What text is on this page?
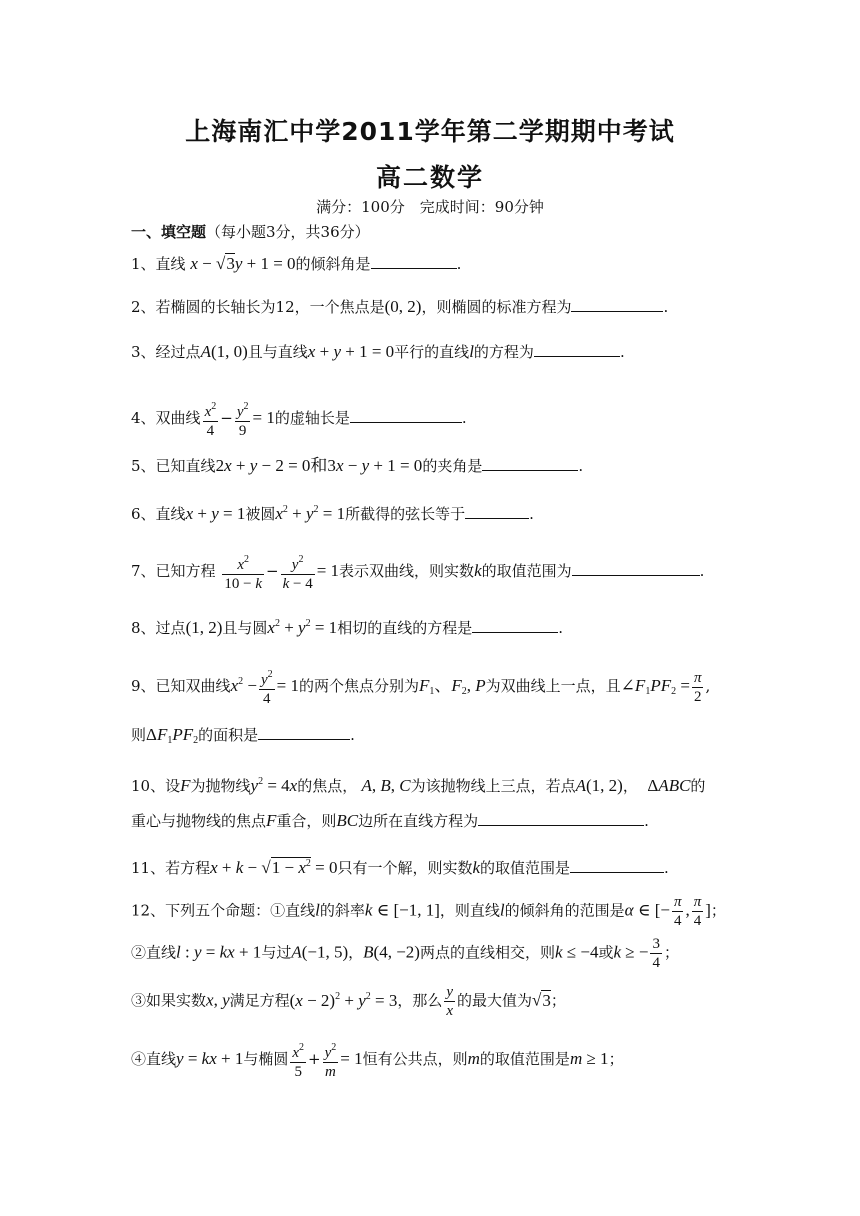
上海南汇中学2011学年第二学期期中考试
高二数学
满分：100分　完成时间：90分钟
一、填空题（每小题3分，共36分）
1、直线 x − √3y + 1 = 0的倾斜角是	.
2、若椭圆的长轴长为12，一个焦点是(0, 2)，则椭圆的标准方程为	.
3、经过点A(1, 0)且与直线x + y + 1 = 0平行的直线l的方程为	.
4、双曲线 $\frac{x^2}{4} - \frac{y^2}{9} = 1$的虚轴长是	.
5、已知直线2x + y − 2 = 0和3x − y + 1 = 0的夹角是	.
6、直线x + y = 1被圆$x^2 + y^2 = 1$所截得的弦长等于	.
7、已知方程 $\frac{x^2}{10 - k} - \frac{y^2}{k - 4} = 1$表示双曲线，则实数k的取值范围为	.
8、过点(1, 2)且与圆$x^2 + y^2 = 1$相切的直线的方程是	.
9、已知双曲线$x^2 - \frac{y^2}{4} = 1$的两个焦点分别为$F_1$、$F_2$, P为双曲线上一点，且$\angle F_1PF_2 = \frac{\pi}{2}$ ,
则$\Delta F_1PF_2$的面积是	.
10、设F为抛物线$y^2 = 4x$的焦点， A, B, C为该抛物线上三点，若点A(1, 2)，  ΔABC的
重心与抛物线的焦点F重合，则BC边所在直线方程为	.
11、若方程$x + k - √1 - x^2 = 0$只有一个解，则实数k的取值范围是	.
12、下列五个命题：①直线l的斜率k ∈ [−1, 1]，则直线l的倾斜角的范围是α ∈ [− $\frac{\pi}{4}$ , $\frac{\pi}{4}$ ]；
②直线l : y = kx + 1与过A(−1, 5)，B(4, −2)两点的直线相交，则k ≤ −4或k ≥ − $\frac{3}{4}$ ；
③如果实数x, y满足方程$(x - 2)^2 + y^2 = 3$，那么 $\frac{y}{x}$ 的最大值为√3；
④直线y = kx + 1与椭圆 $\frac{x^2}{5} + \frac{y^2}{m} = 1$恒有公共点，则m的取值范围是m ≥ 1；
